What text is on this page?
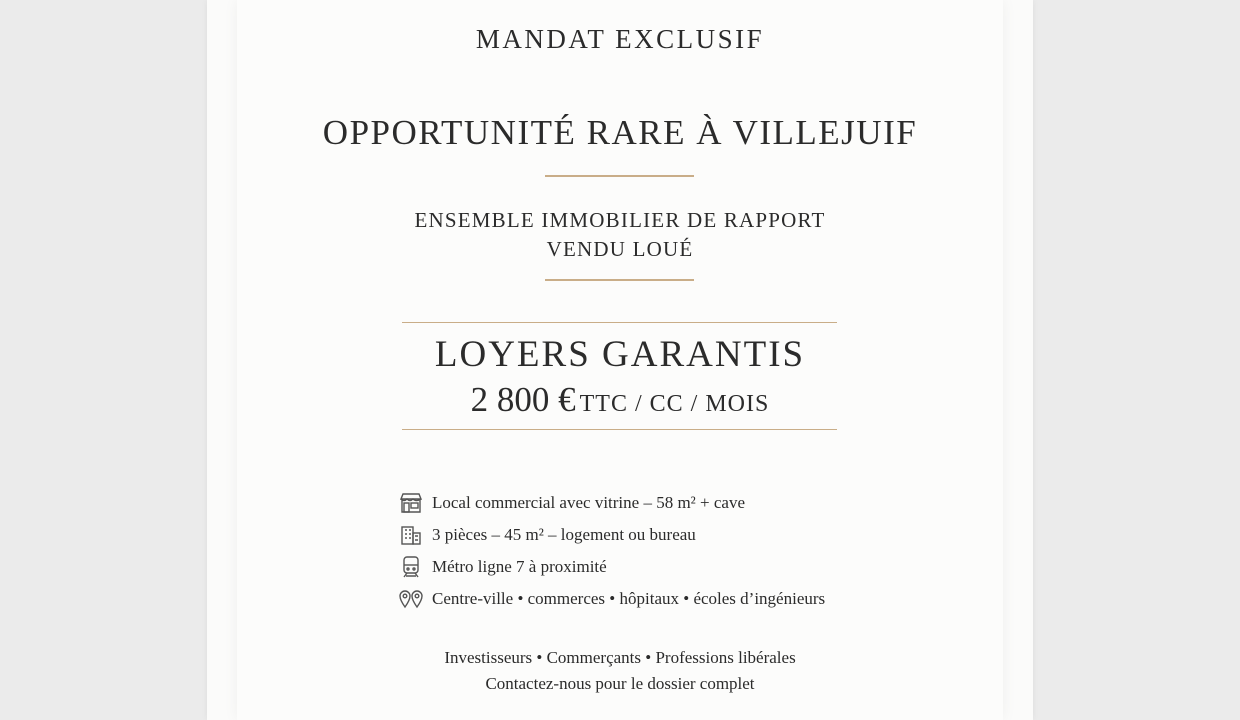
MANDAT EXCLUSIF
OPPORTUNITÉ RARE À VILLEJUIF
ENSEMBLE IMMOBILIER DE RAPPORT
VENDU LOUÉ
LOYERS GARANTIS
2 800 € TTC / CC / MOIS
Local commercial avec vitrine – 58 m² + cave
3 pièces – 45 m² – logement ou bureau
Métro ligne 7 à proximité
Centre-ville • commerces • hôpitaux • écoles d’ingénieurs
Investisseurs • Commerçants • Professions libérales
Contactez-nous pour le dossier complet
